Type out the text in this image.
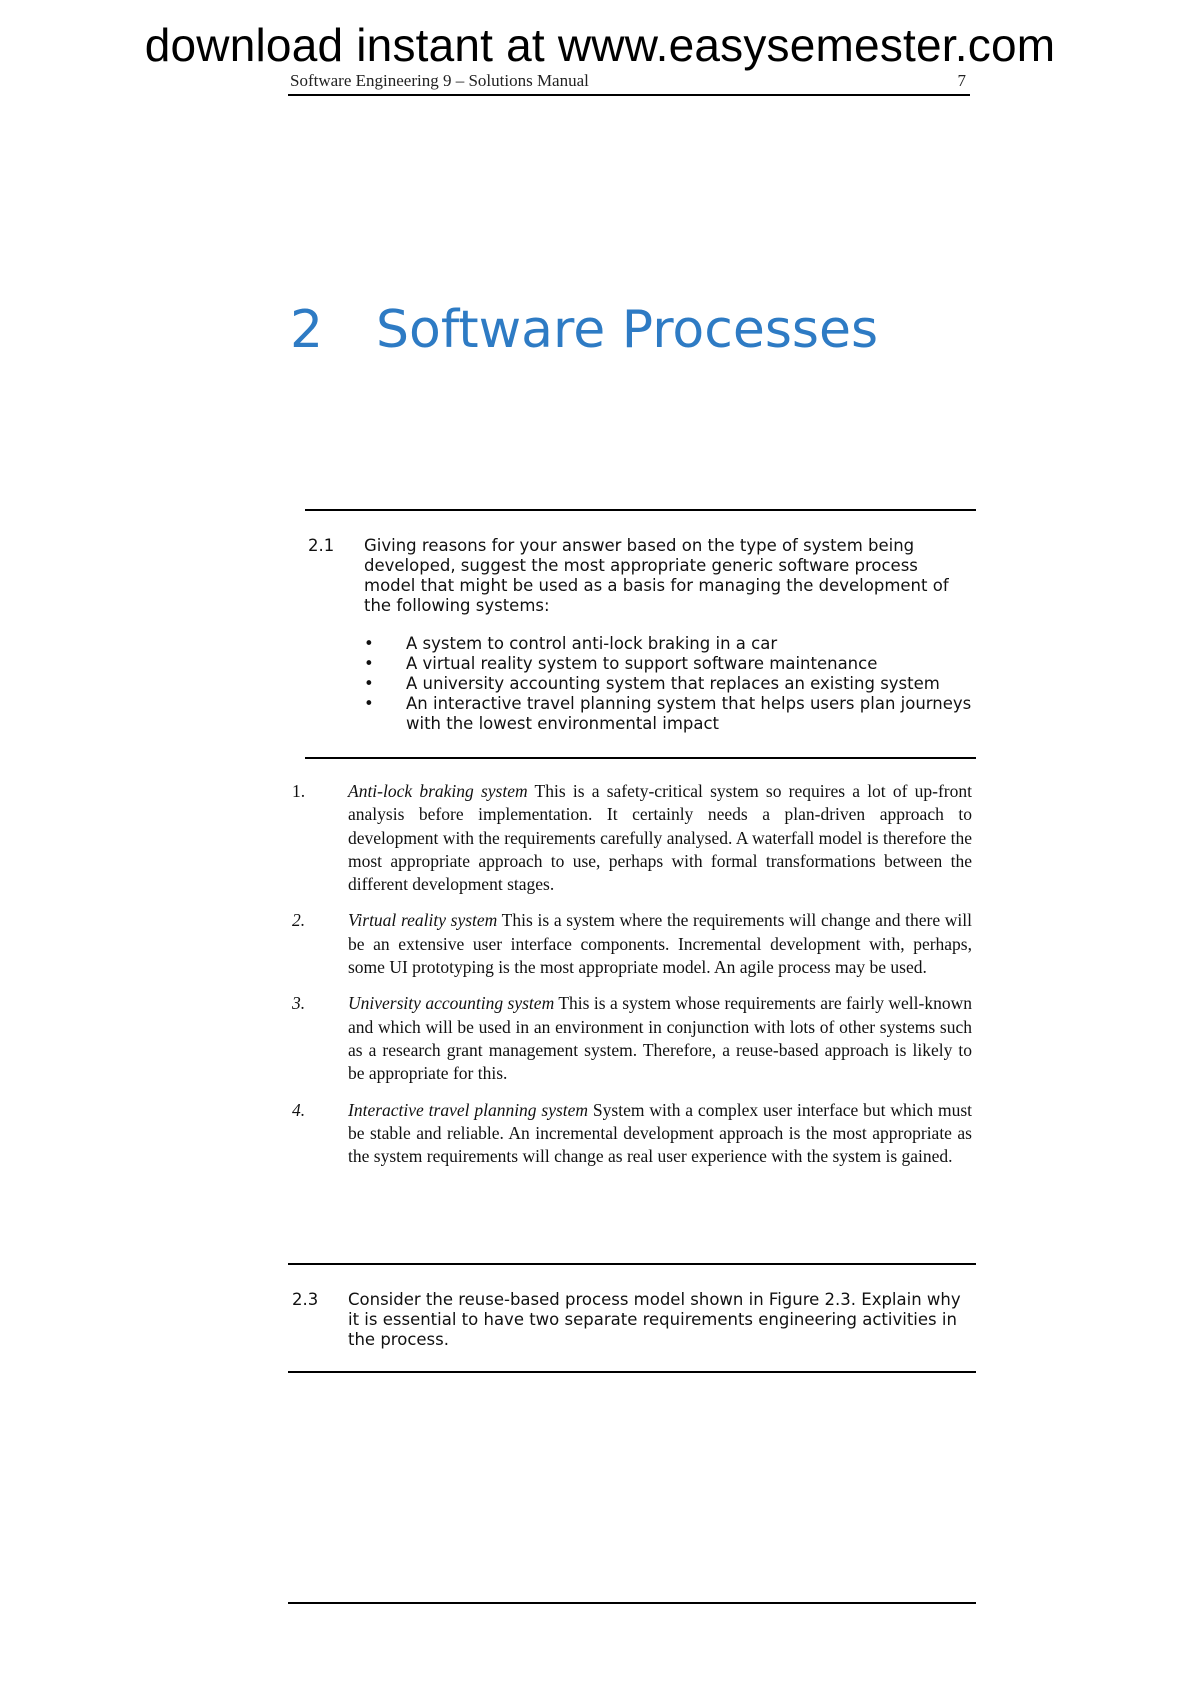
download instant at www.easysemester.com
Software Engineering 9 – Solutions Manual	7
2 Software Processes
2.1 Giving reasons for your answer based on the type of system being developed, suggest the most appropriate generic software process model that might be used as a basis for managing the development of the following systems:
• A system to control anti-lock braking in a car
• A virtual reality system to support software maintenance
• A university accounting system that replaces an existing system
• An interactive travel planning system that helps users plan journeys with the lowest environmental impact
1. Anti-lock braking system This is a safety-critical system so requires a lot of up-front analysis before implementation. It certainly needs a plan-driven approach to development with the requirements carefully analysed. A waterfall model is therefore the most appropriate approach to use, perhaps with formal transformations between the different development stages.
2. Virtual reality system This is a system where the requirements will change and there will be an extensive user interface components. Incremental development with, perhaps, some UI prototyping is the most appropriate model. An agile process may be used.
3. University accounting system This is a system whose requirements are fairly well-known and which will be used in an environment in conjunction with lots of other systems such as a research grant management system. Therefore, a reuse-based approach is likely to be appropriate for this.
4. Interactive travel planning system System with a complex user interface but which must be stable and reliable. An incremental development approach is the most appropriate as the system requirements will change as real user experience with the system is gained.
2.3 Consider the reuse-based process model shown in Figure 2.3. Explain why it is essential to have two separate requirements engineering activities in the process.
